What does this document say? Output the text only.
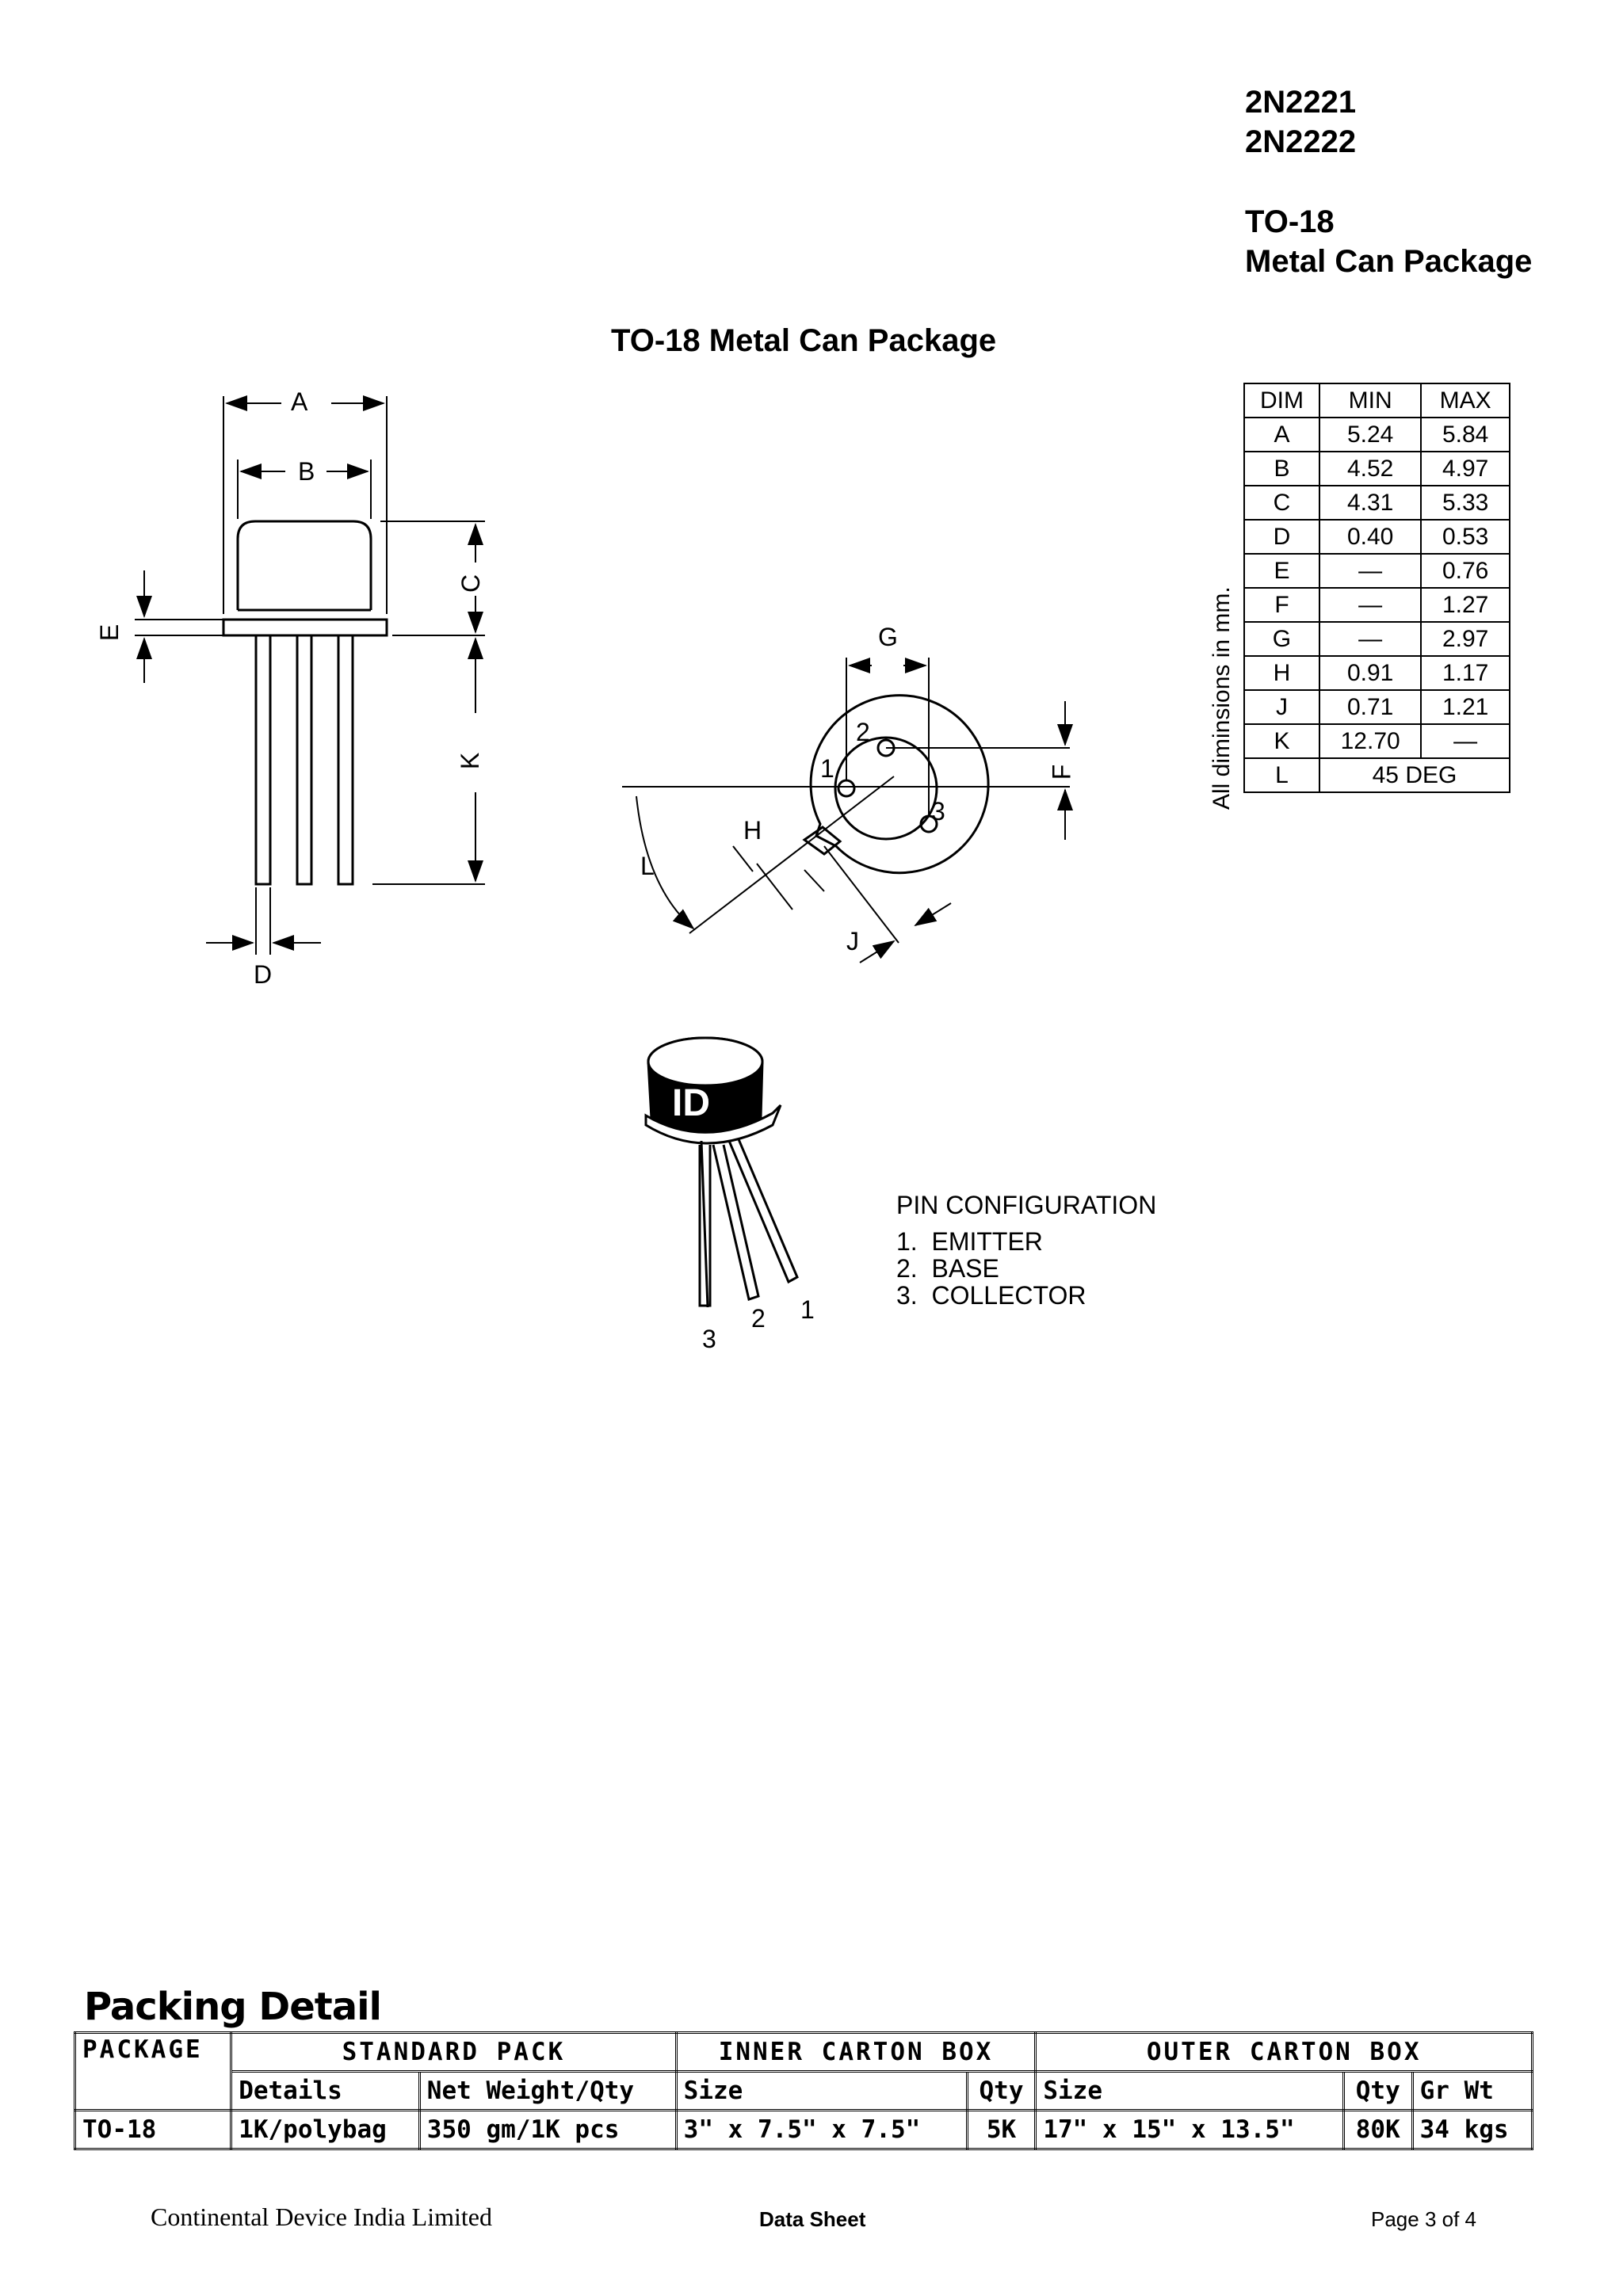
2N2221
2N2222
TO-18
Metal Can Package
TO-18 Metal Can Package
ID
A
B
C
K
E
D
G
F
H
L
J
1
2
3
1
2
3
All diminsions in mm.
DIM	MIN	MAX
A	5.24	5.84
B	4.52	4.97
C	4.31	5.33
D	0.40	0.53
E	—	0.76
F	—	1.27
G	—	2.97
H	0.91	1.17
J	0.71	1.21
K	12.70	—
L	45 DEG	
PIN CONFIGURATION
1.  EMITTER
2.  BASE
3.  COLLECTOR
Packing Detail
PACKAGE	STANDARD PACK		INNER CARTON BOX		OUTER CARTON BOX		
	Details	Net Weight/Qty	Size	Qty	Size	Qty	Gr Wt
TO-18	1K/polybag	350 gm/1K pcs	3" x 7.5" x 7.5"	5K	17" x 15" x 13.5"	80K	34 kgs
Continental Device India Limited	Data Sheet	Page 3 of 4
